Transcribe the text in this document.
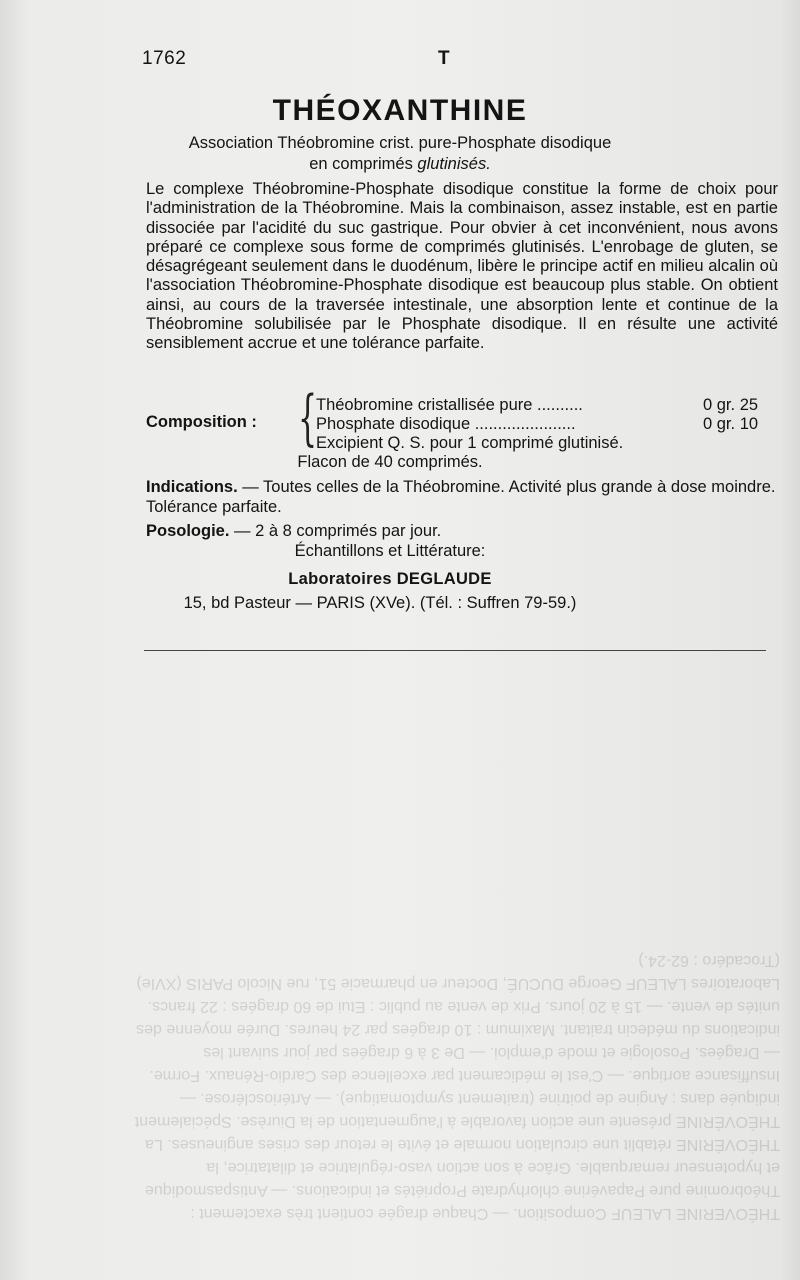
THÉOVERINE LALEUF Composition. — Chaque dragée contient très exactement : Théobromine pure Papavérine chlorhydrate Propriétés et indications. — Antispasmodique et hypotenseur remarquable. Grâce à son action vaso-régulatrice et dilatatrice, la THÉOVÉRINE rétablit une circulation normale et évite le retour des crises angineuses. La THÉOVÉRINE présente une action favorable à l'augmentation de la Diurèse. Spécialement indiquée dans : Angine de poitrine (traitement symptomatique). — Artériosclérose. — Insuffisance aortique. — C'est le médicament par excellence des Cardio-Rénaux. Forme. — Dragées. Posologie et mode d'emploi. — De 3 à 6 dragées par jour suivant les indications du médecin traitant. Maximum : 10 dragées par 24 heures. Durée moyenne des unités de vente. — 15 à 20 jours. Prix de vente au public : Etui de 60 dragées : 22 francs. Laboratoires LALEUF George DUCUÉ, Docteur en pharmacie 51, rue Nicolo PARIS (XVIe) (Trocadéro : 62-24.)
1762	T
THÉOXANTHINE
Association Théobromine crist. pure-Phosphate disodique
en comprimés glutinisés.

Le complexe Théobromine-Phosphate disodique constitue la forme de choix pour l'administration de la Théobromine. Mais la combinaison, assez instable, est en partie dissociée par l'acidité du suc gastrique. Pour obvier à cet inconvénient, nous avons préparé ce complexe sous forme de comprimés glutinisés. L'enrobage de gluten, se désagrégeant seulement dans le duodénum, libère le principe actif en milieu alcalin où l'association Théobromine-Phosphate disodique est beaucoup plus stable. On obtient ainsi, au cours de la traversée intestinale, une absorption lente et continue de la Théobromine solubilisée par le Phosphate disodique. Il en résulte une activité sensiblement accrue et une tolérance parfaite.

Composition : {
Théobromine cristallisée pure ..........	0 gr. 25
Phosphate disodique ......................	0 gr. 10
Excipient Q. S. pour 1 comprimé glutinisé.
Flacon de 40 comprimés.
Indications. — Toutes celles de la Théobromine. Activité plus grande à dose moindre. Tolérance parfaite.
Posologie. — 2 à 8 comprimés par jour.
Échantillons et Littérature:
Laboratoires DEGLAUDE
15, bd Pasteur — PARIS (XVe). (Tél. : Suffren 79-59.)
